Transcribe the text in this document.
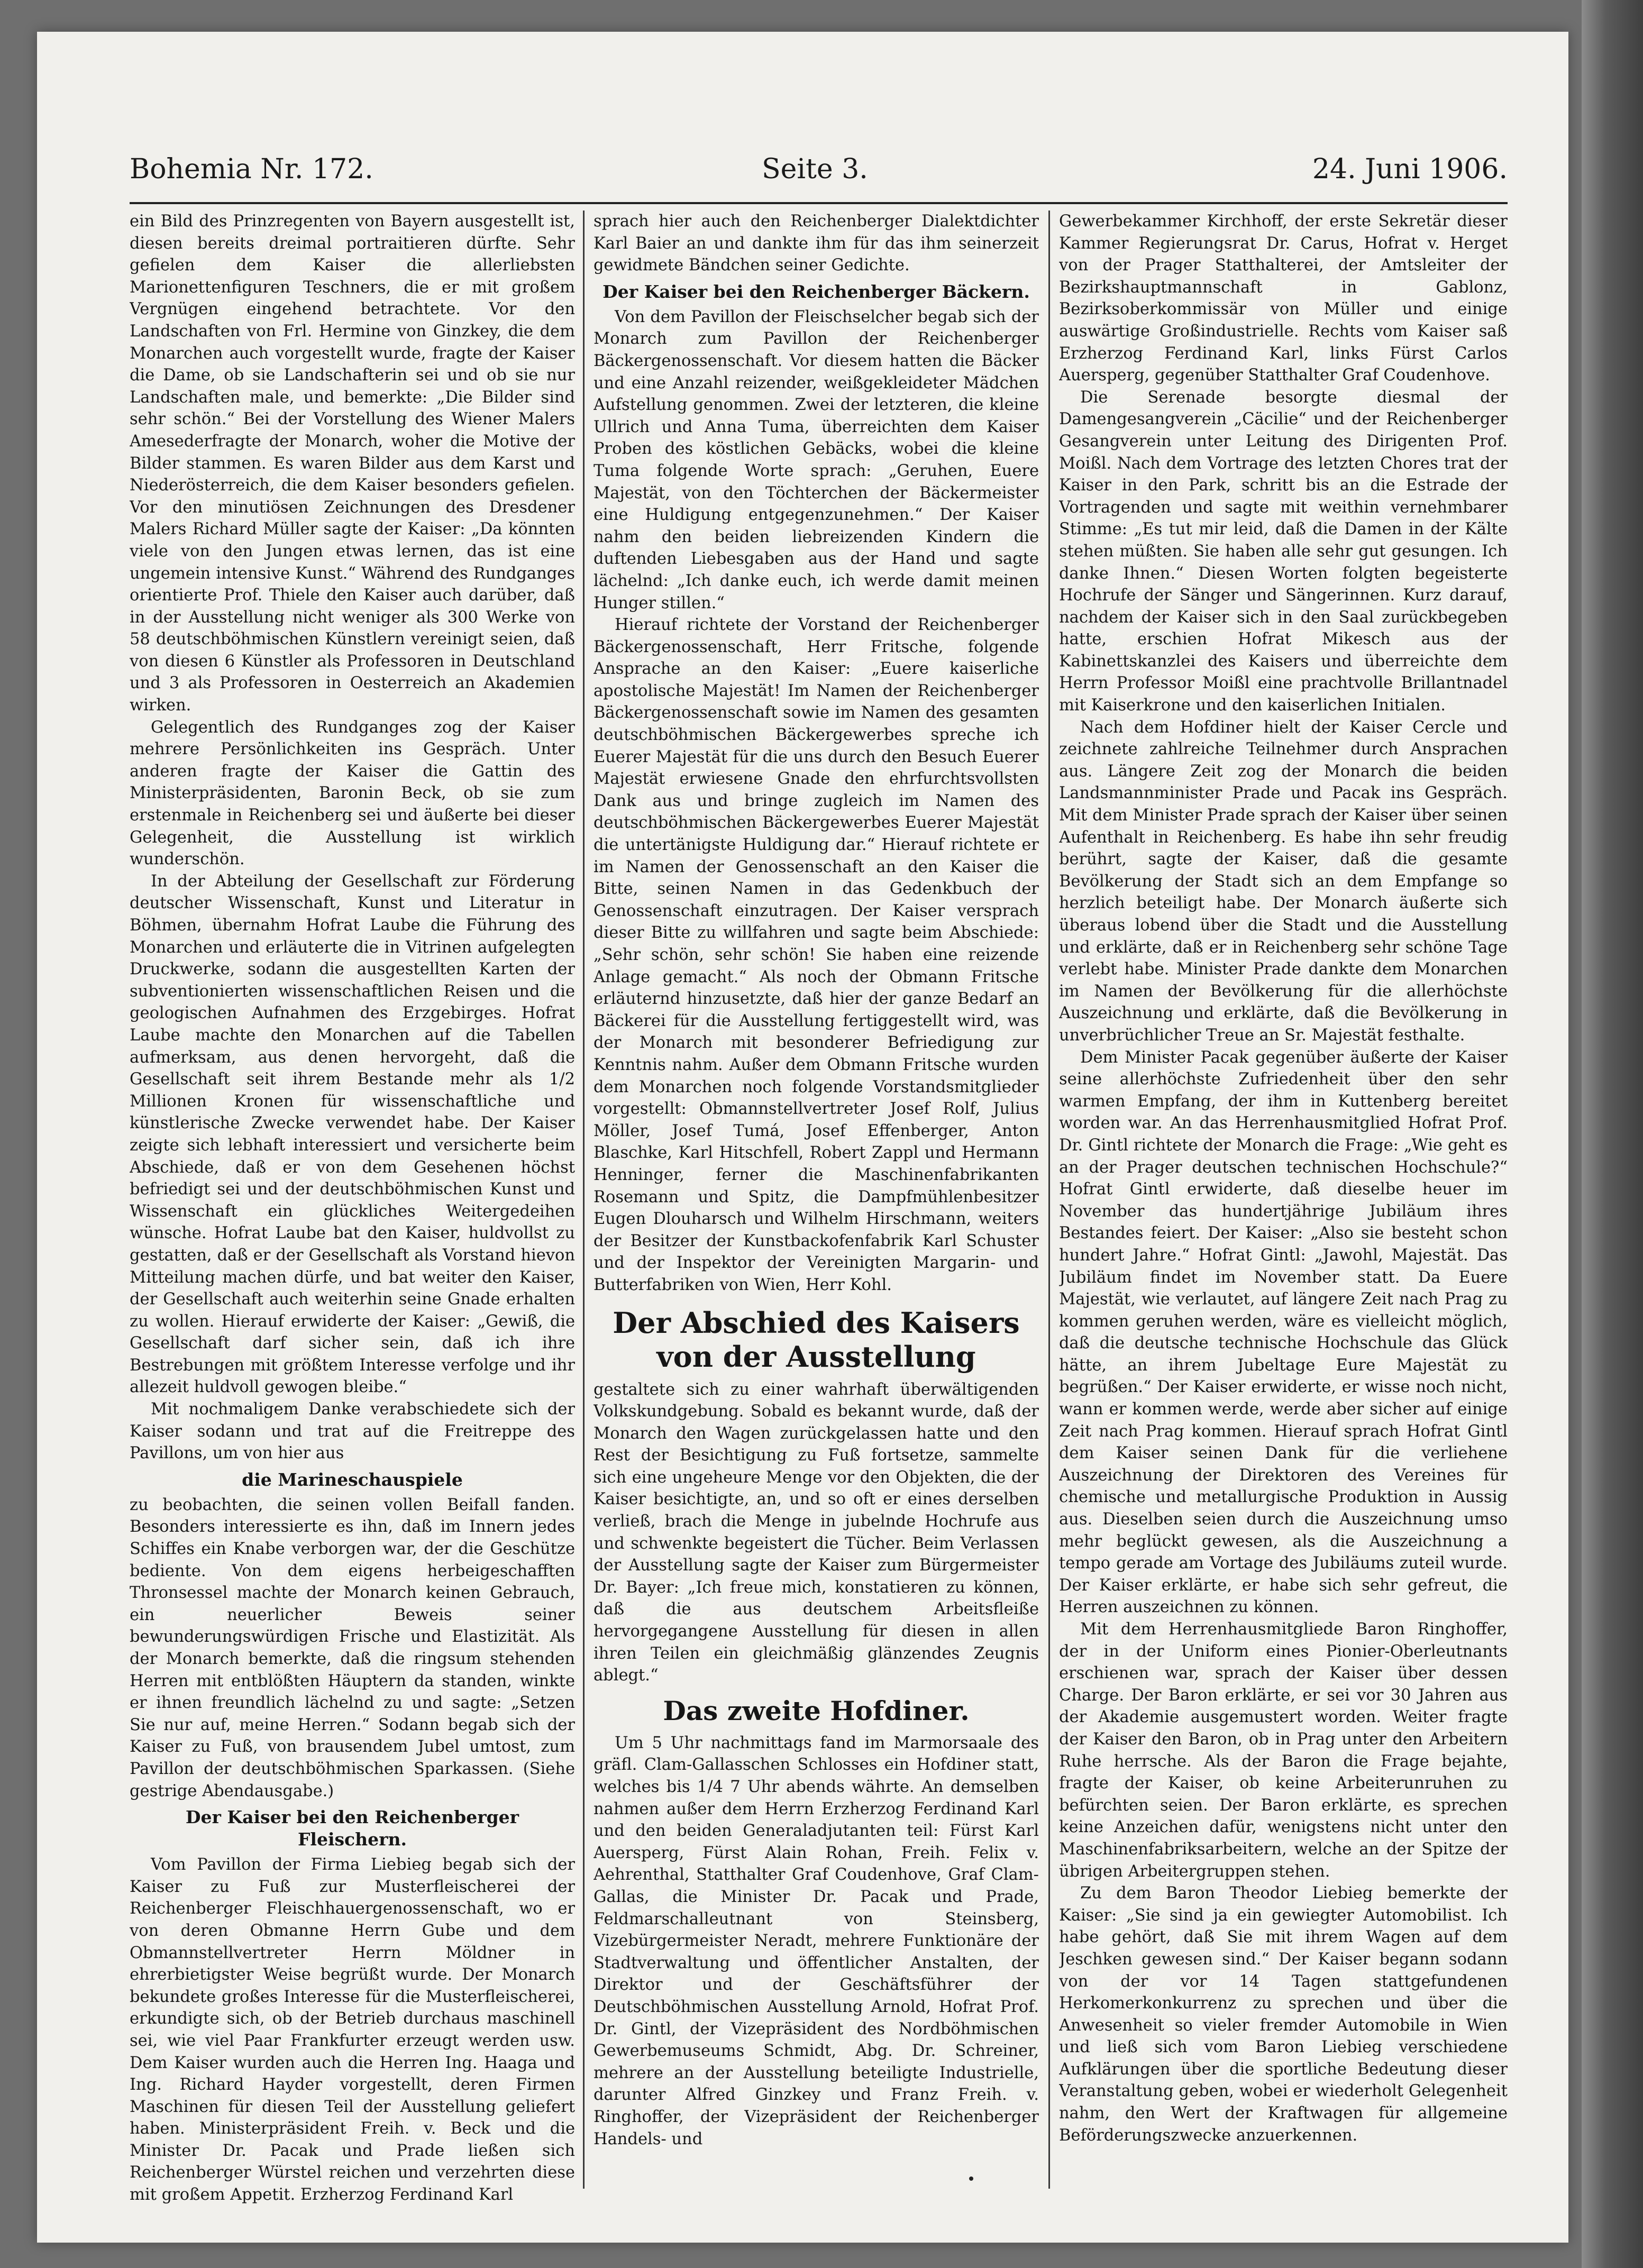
Bohemia Nr. 172.	Seite 3.	24. Juni 1906.

ein Bild des Prinzregenten von Bayern ausgestellt ist, diesen bereits dreimal portraitieren dürfte. Sehr gefielen dem Kaiser die allerliebsten Marionettenfiguren Teschners, die er mit großem Vergnügen eingehend betrachtete. Vor den Landschaften von Frl. Hermine von Ginzkey, die dem Monarchen auch vorgestellt wurde, fragte der Kaiser die Dame, ob sie Landschafterin sei und ob sie nur Landschaften male, und bemerkte: „Die Bilder sind sehr schön.“ Bei der Vorstellung des Wiener Malers Amesederfragte der Monarch, woher die Motive der Bilder stammen. Es waren Bilder aus dem Karst und Niederösterreich, die dem Kaiser besonders gefielen. Vor den minutiösen Zeichnungen des Dresdener Malers Richard Müller sagte der Kaiser: „Da könnten viele von den Jungen etwas lernen, das ist eine ungemein intensive Kunst.“ Während des Rundganges orientierte Prof. Thiele den Kaiser auch darüber, daß in der Ausstellung nicht weniger als 300 Werke von 58 deutschböhmischen Künstlern vereinigt seien, daß von diesen 6 Künstler als Professoren in Deutschland und 3 als Professoren in Oesterreich an Akademien wirken.

Gelegentlich des Rundganges zog der Kaiser mehrere Persönlichkeiten ins Gespräch. Unter anderen fragte der Kaiser die Gattin des Ministerpräsidenten, Baronin Beck, ob sie zum erstenmale in Reichenberg sei und äußerte bei dieser Gelegenheit, die Ausstellung ist wirklich wunderschön.

In der Abteilung der Gesellschaft zur Förderung deutscher Wissenschaft, Kunst und Literatur in Böhmen, übernahm Hofrat Laube die Führung des Monarchen und erläuterte die in Vitrinen aufgelegten Druckwerke, sodann die ausgestellten Karten der subventionierten wissenschaftlichen Reisen und die geologischen Aufnahmen des Erzgebirges. Hofrat Laube machte den Monarchen auf die Tabellen aufmerksam, aus denen hervorgeht, daß die Gesellschaft seit ihrem Bestande mehr als 1/2 Millionen Kronen für wissenschaftliche und künstlerische Zwecke verwendet habe. Der Kaiser zeigte sich lebhaft interessiert und versicherte beim Abschiede, daß er von dem Gesehenen höchst befriedigt sei und der deutschböhmischen Kunst und Wissenschaft ein glückliches Weitergedeihen wünsche. Hofrat Laube bat den Kaiser, huldvollst zu gestatten, daß er der Gesellschaft als Vorstand hievon Mitteilung machen dürfe, und bat weiter den Kaiser, der Gesellschaft auch weiterhin seine Gnade erhalten zu wollen. Hierauf erwiderte der Kaiser: „Gewiß, die Gesellschaft darf sicher sein, daß ich ihre Bestrebungen mit größtem Interesse verfolge und ihr allezeit huldvoll gewogen bleibe.“

Mit nochmaligem Danke verabschiedete sich der Kaiser sodann und trat auf die Freitreppe des Pavillons, um von hier aus

die Marineschauspiele

zu beobachten, die seinen vollen Beifall fanden. Besonders interessierte es ihn, daß im Innern jedes Schiffes ein Knabe verborgen war, der die Geschütze bediente. Von dem eigens herbeigeschafften Thronsessel machte der Monarch keinen Gebrauch, ein neuerlicher Beweis seiner bewunderungswürdigen Frische und Elastizität. Als der Monarch bemerkte, daß die ringsum stehenden Herren mit entblößten Häuptern da standen, winkte er ihnen freundlich lächelnd zu und sagte: „Setzen Sie nur auf, meine Herren.“ Sodann begab sich der Kaiser zu Fuß, von brausendem Jubel umtost, zum Pavillon der deutschböhmischen Sparkassen. (Siehe gestrige Abendausgabe.)

Der Kaiser bei den Reichenberger Fleischern.

Vom Pavillon der Firma Liebieg begab sich der Kaiser zu Fuß zur Musterfleischerei der Reichenberger Fleischhauergenossenschaft, wo er von deren Obmanne Herrn Gube und dem Obmannstellvertreter Herrn Möldner in ehrerbietigster Weise begrüßt wurde. Der Monarch bekundete großes Interesse für die Musterfleischerei, erkundigte sich, ob der Betrieb durchaus maschinell sei, wie viel Paar Frankfurter erzeugt werden usw. Dem Kaiser wurden auch die Herren Ing. Haaga und Ing. Richard Hayder vorgestellt, deren Firmen Maschinen für diesen Teil der Ausstellung geliefert haben. Ministerpräsident Freih. v. Beck und die Minister Dr. Pacak und Prade ließen sich Reichenberger Würstel reichen und verzehrten diese mit großem Appetit. Erzherzog Ferdinand Karl

sprach hier auch den Reichenberger Dialektdichter Karl Baier an und dankte ihm für das ihm seinerzeit gewidmete Bändchen seiner Gedichte.

Der Kaiser bei den Reichenberger Bäckern.

Von dem Pavillon der Fleischselcher begab sich der Monarch zum Pavillon der Reichenberger Bäckergenossenschaft. Vor diesem hatten die Bäcker und eine Anzahl reizender, weißgekleideter Mädchen Aufstellung genommen. Zwei der letzteren, die kleine Ullrich und Anna Tuma, überreichten dem Kaiser Proben des köstlichen Gebäcks, wobei die kleine Tuma folgende Worte sprach: „Geruhen, Euere Majestät, von den Töchterchen der Bäckermeister eine Huldigung entgegenzunehmen.“ Der Kaiser nahm den beiden liebreizenden Kindern die duftenden Liebesgaben aus der Hand und sagte lächelnd: „Ich danke euch, ich werde damit meinen Hunger stillen.“

Hierauf richtete der Vorstand der Reichenberger Bäckergenossenschaft, Herr Fritsche, folgende Ansprache an den Kaiser: „Euere kaiserliche apostolische Majestät! Im Namen der Reichenberger Bäckergenossenschaft sowie im Namen des gesamten deutschböhmischen Bäckergewerbes spreche ich Euerer Majestät für die uns durch den Besuch Euerer Majestät erwiesene Gnade den ehrfurchtsvollsten Dank aus und bringe zugleich im Namen des deutschböhmischen Bäckergewerbes Euerer Majestät die untertänigste Huldigung dar.“ Hierauf richtete er im Namen der Genossenschaft an den Kaiser die Bitte, seinen Namen in das Gedenkbuch der Genossenschaft einzutragen. Der Kaiser versprach dieser Bitte zu willfahren und sagte beim Abschiede: „Sehr schön, sehr schön! Sie haben eine reizende Anlage gemacht.“ Als noch der Obmann Fritsche erläuternd hinzusetzte, daß hier der ganze Bedarf an Bäckerei für die Ausstellung fertiggestellt wird, was der Monarch mit besonderer Befriedigung zur Kenntnis nahm. Außer dem Obmann Fritsche wurden dem Monarchen noch folgende Vorstandsmitglieder vorgestellt: Obmannstellvertreter Josef Rolf, Julius Möller, Josef Tumá, Josef Effenberger, Anton Blaschke, Karl Hitschfell, Robert Zappl und Hermann Henninger, ferner die Maschinenfabrikanten Rosemann und Spitz, die Dampfmühlenbesitzer Eugen Dlouharsch und Wilhelm Hirschmann, weiters der Besitzer der Kunstbackofenfabrik Karl Schuster und der Inspektor der Vereinigten Margarin- und Butterfabriken von Wien, Herr Kohl.

Der Abschied des Kaisers von der Ausstellung

gestaltete sich zu einer wahrhaft überwältigenden Volkskundgebung. Sobald es bekannt wurde, daß der Monarch den Wagen zurückgelassen hatte und den Rest der Besichtigung zu Fuß fortsetze, sammelte sich eine ungeheure Menge vor den Objekten, die der Kaiser besichtigte, an, und so oft er eines derselben verließ, brach die Menge in jubelnde Hochrufe aus und schwenkte begeistert die Tücher. Beim Verlassen der Ausstellung sagte der Kaiser zum Bürgermeister Dr. Bayer: „Ich freue mich, konstatieren zu können, daß die aus deutschem Arbeitsfleiße hervorgegangene Ausstellung für diesen in allen ihren Teilen ein gleichmäßig glänzendes Zeugnis ablegt.“

Das zweite Hofdiner.

Um 5 Uhr nachmittags fand im Marmorsaale des gräfl. Clam-Gallasschen Schlosses ein Hofdiner statt, welches bis 1/4 7 Uhr abends währte. An demselben nahmen außer dem Herrn Erzherzog Ferdinand Karl und den beiden Generaladjutanten teil: Fürst Karl Auersperg, Fürst Alain Rohan, Freih. Felix v. Aehrenthal, Statthalter Graf Coudenhove, Graf Clam-Gallas, die Minister Dr. Pacak und Prade, Feldmarschalleutnant von Steinsberg, Vizebürgermeister Neradt, mehrere Funktionäre der Stadtverwaltung und öffentlicher Anstalten, der Direktor und der Geschäftsführer der Deutschböhmischen Ausstellung Arnold, Hofrat Prof. Dr. Gintl, der Vizepräsident des Nordböhmischen Gewerbemuseums Schmidt, Abg. Dr. Schreiner, mehrere an der Ausstellung beteiligte Industrielle, darunter Alfred Ginzkey und Franz Freih. v. Ringhoffer, der Vizepräsident der Reichenberger Handels- und

Gewerbekammer Kirchhoff, der erste Sekretär dieser Kammer Regierungsrat Dr. Carus, Hofrat v. Herget von der Prager Statthalterei, der Amtsleiter der Bezirkshauptmannschaft in Gablonz, Bezirksoberkommissär von Müller und einige auswärtige Großindustrielle. Rechts vom Kaiser saß Erzherzog Ferdinand Karl, links Fürst Carlos Auersperg, gegenüber Statthalter Graf Coudenhove.

Die Serenade besorgte diesmal der Damengesangverein „Cäcilie“ und der Reichenberger Gesangverein unter Leitung des Dirigenten Prof. Moißl. Nach dem Vortrage des letzten Chores trat der Kaiser in den Park, schritt bis an die Estrade der Vortragenden und sagte mit weithin vernehmbarer Stimme: „Es tut mir leid, daß die Damen in der Kälte stehen müßten. Sie haben alle sehr gut gesungen. Ich danke Ihnen.“ Diesen Worten folgten begeisterte Hochrufe der Sänger und Sängerinnen. Kurz darauf, nachdem der Kaiser sich in den Saal zurückbegeben hatte, erschien Hofrat Mikesch aus der Kabinettskanzlei des Kaisers und überreichte dem Herrn Professor Moißl eine prachtvolle Brillantnadel mit Kaiserkrone und den kaiserlichen Initialen.

Nach dem Hofdiner hielt der Kaiser Cercle und zeichnete zahlreiche Teilnehmer durch Ansprachen aus. Längere Zeit zog der Monarch die beiden Landsmannminister Prade und Pacak ins Gespräch. Mit dem Minister Prade sprach der Kaiser über seinen Aufenthalt in Reichenberg. Es habe ihn sehr freudig berührt, sagte der Kaiser, daß die gesamte Bevölkerung der Stadt sich an dem Empfange so herzlich beteiligt habe. Der Monarch äußerte sich überaus lobend über die Stadt und die Ausstellung und erklärte, daß er in Reichenberg sehr schöne Tage verlebt habe. Minister Prade dankte dem Monarchen im Namen der Bevölkerung für die allerhöchste Auszeichnung und erklärte, daß die Bevölkerung in unverbrüchlicher Treue an Sr. Majestät festhalte.

Dem Minister Pacak gegenüber äußerte der Kaiser seine allerhöchste Zufriedenheit über den sehr warmen Empfang, der ihm in Kuttenberg bereitet worden war. An das Herrenhausmitglied Hofrat Prof. Dr. Gintl richtete der Monarch die Frage: „Wie geht es an der Prager deutschen technischen Hochschule?“ Hofrat Gintl erwiderte, daß dieselbe heuer im November das hundertjährige Jubiläum ihres Bestandes feiert. Der Kaiser: „Also sie besteht schon hundert Jahre.“ Hofrat Gintl: „Jawohl, Majestät. Das Jubiläum findet im November statt. Da Euere Majestät, wie verlautet, auf längere Zeit nach Prag zu kommen geruhen werden, wäre es vielleicht möglich, daß die deutsche technische Hochschule das Glück hätte, an ihrem Jubeltage Eure Majestät zu begrüßen.“ Der Kaiser erwiderte, er wisse noch nicht, wann er kommen werde, werde aber sicher auf einige Zeit nach Prag kommen. Hierauf sprach Hofrat Gintl dem Kaiser seinen Dank für die verliehene Auszeichnung der Direktoren des Vereines für chemische und metallurgische Produktion in Aussig aus. Dieselben seien durch die Auszeichnung umso mehr beglückt gewesen, als die Auszeichnung a tempo gerade am Vortage des Jubiläums zuteil wurde. Der Kaiser erklärte, er habe sich sehr gefreut, die Herren auszeichnen zu können.

Mit dem Herrenhausmitgliede Baron Ringhoffer, der in der Uniform eines Pionier-Oberleutnants erschienen war, sprach der Kaiser über dessen Charge. Der Baron erklärte, er sei vor 30 Jahren aus der Akademie ausgemustert worden. Weiter fragte der Kaiser den Baron, ob in Prag unter den Arbeitern Ruhe herrsche. Als der Baron die Frage bejahte, fragte der Kaiser, ob keine Arbeiterunruhen zu befürchten seien. Der Baron erklärte, es sprechen keine Anzeichen dafür, wenigstens nicht unter den Maschinenfabriksarbeitern, welche an der Spitze der übrigen Arbeitergruppen stehen.

Zu dem Baron Theodor Liebieg bemerkte der Kaiser: „Sie sind ja ein gewiegter Automobilist. Ich habe gehört, daß Sie mit ihrem Wagen auf dem Jeschken gewesen sind.“ Der Kaiser begann sodann von der vor 14 Tagen stattgefundenen Herkomerkonkurrenz zu sprechen und über die Anwesenheit so vieler fremder Automobile in Wien und ließ sich vom Baron Liebieg verschiedene Aufklärungen über die sportliche Bedeutung dieser Veranstaltung geben, wobei er wiederholt Gelegenheit nahm, den Wert der Kraftwagen für allgemeine Beförderungszwecke anzuerkennen.
